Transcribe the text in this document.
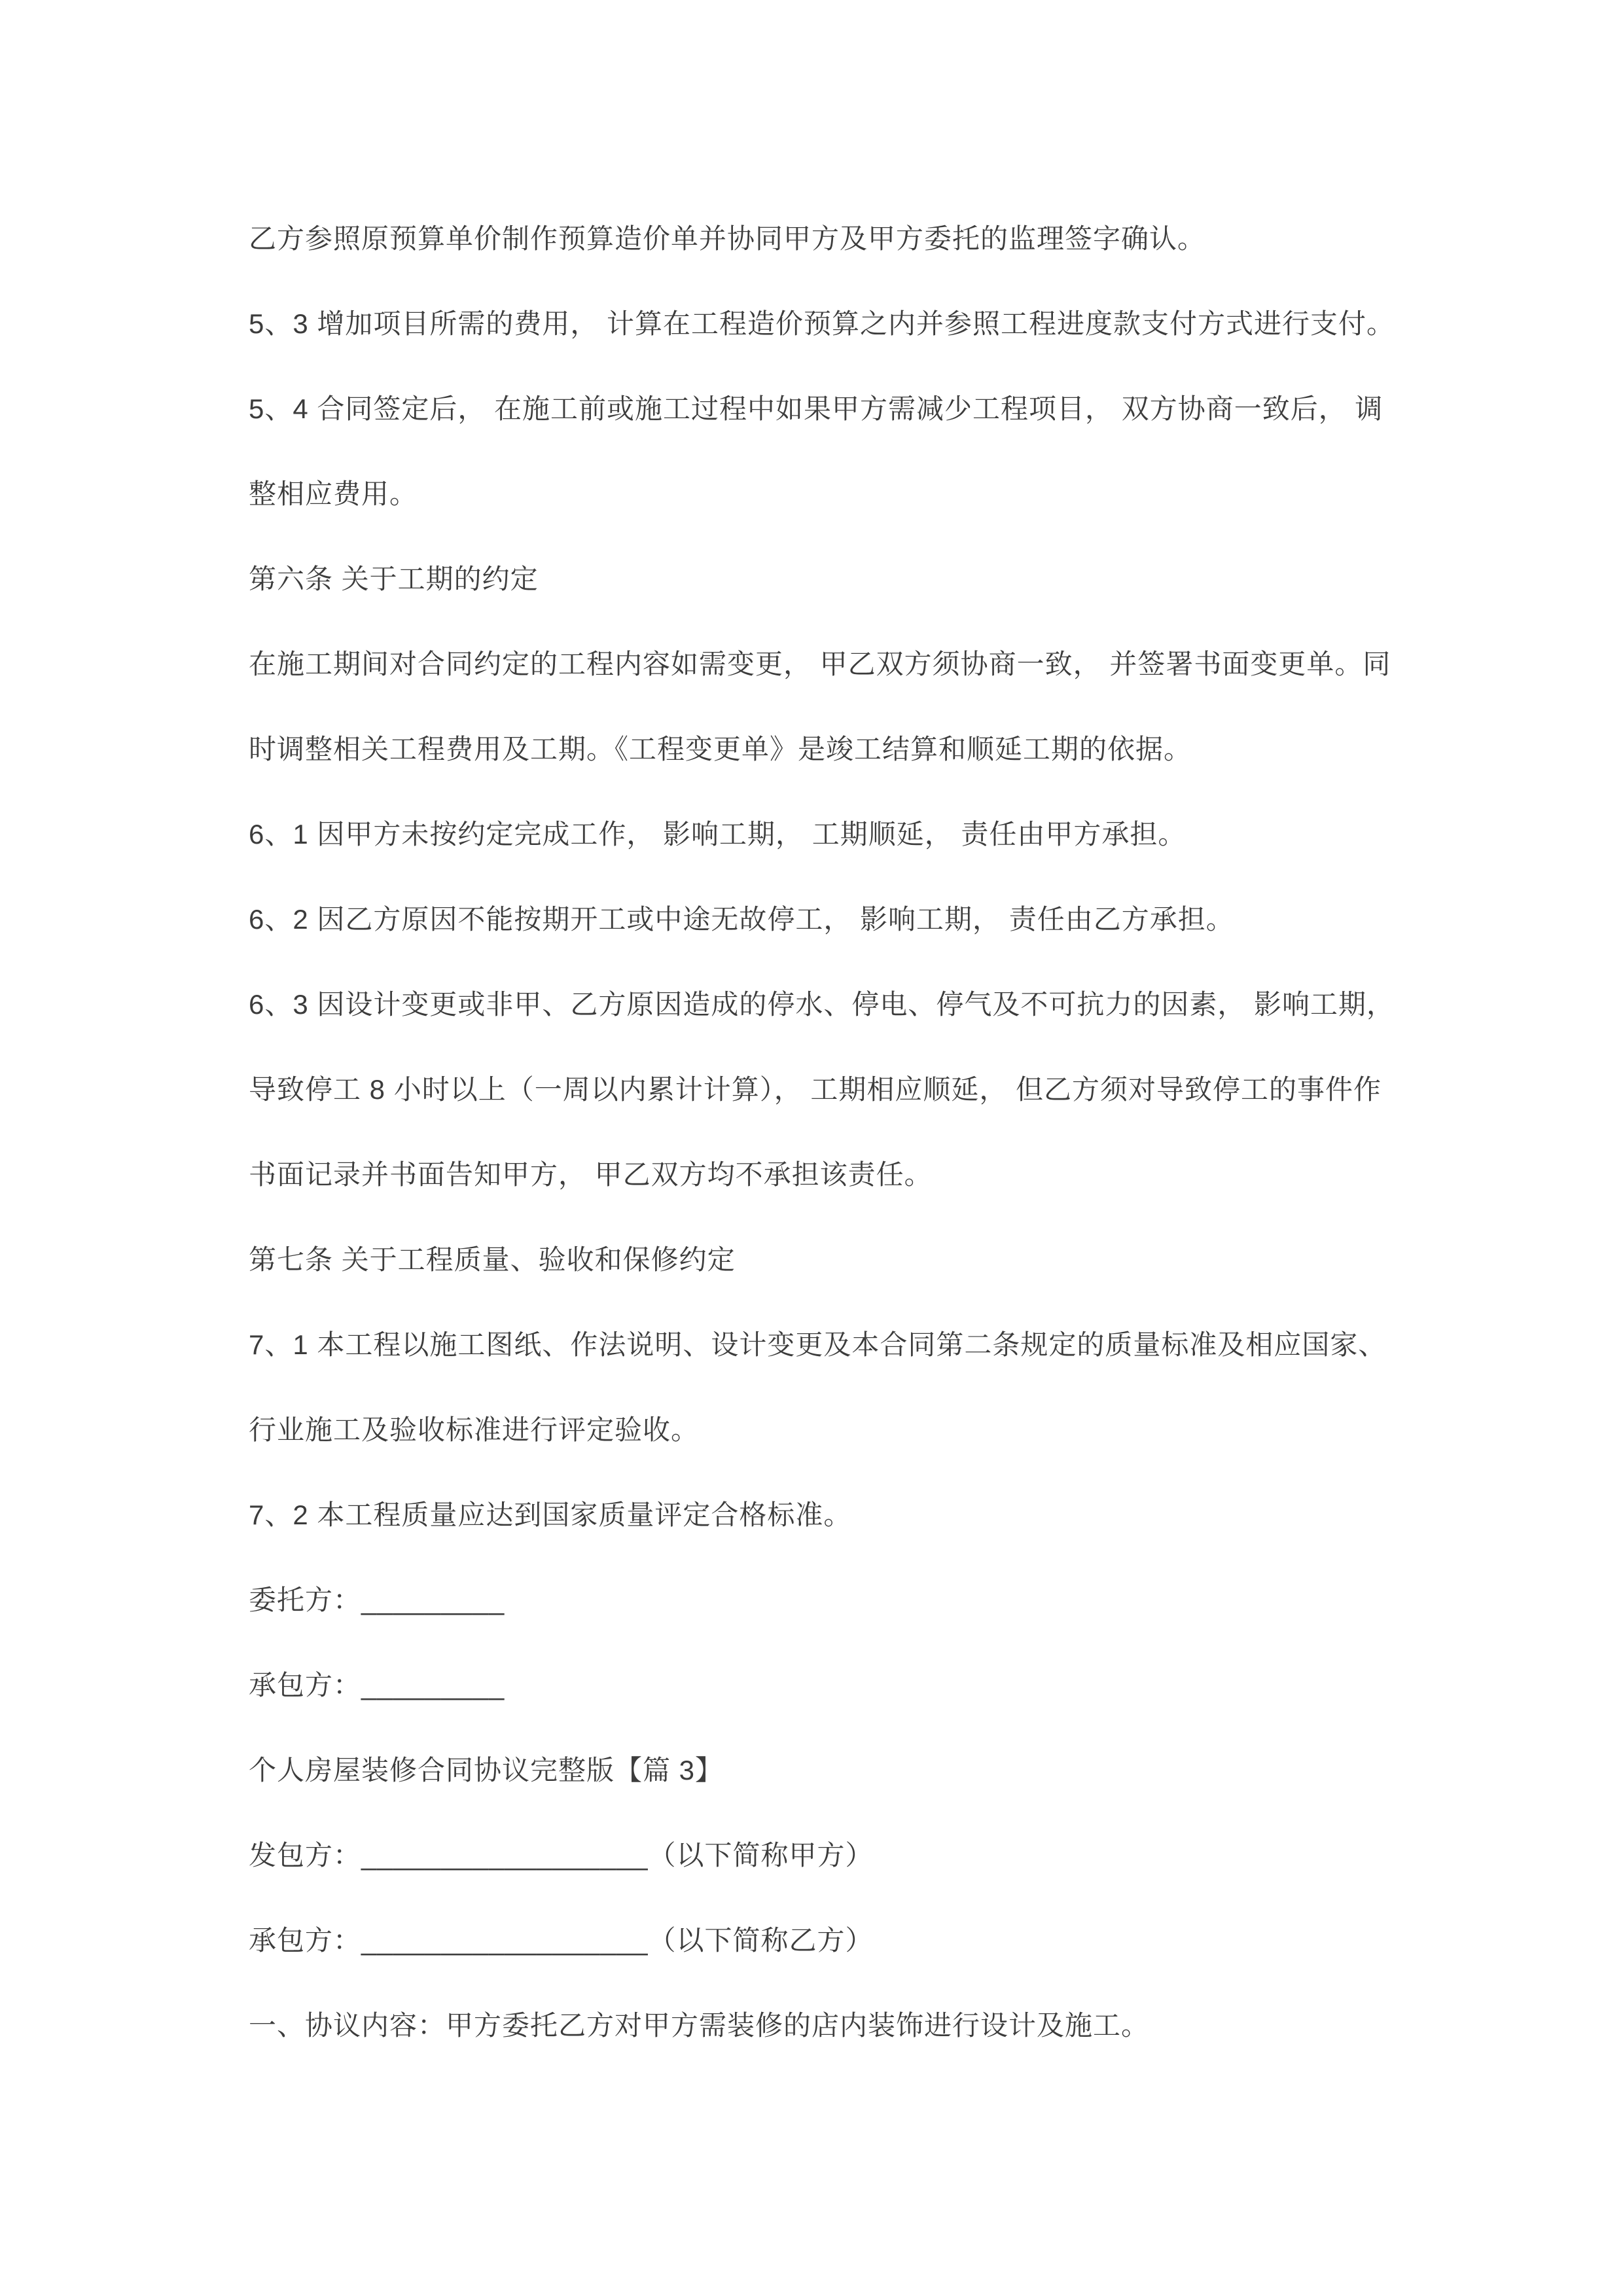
乙方参照原预算单价制作预算造价单并协同甲方及甲方委托的监理签字确认。
5、3 增加项目所需的费用， 计算在工程造价预算之内并参照工程进度款支付方式进行支付。
5、4 合同签定后， 在施工前或施工过程中如果甲方需减少工程项目， 双方协商一致后， 调
整相应费用。
第六条 关于工期的约定
在施工期间对合同约定的工程内容如需变更， 甲乙双方须协商一致， 并签署书面变更单。同
时调整相关工程费用及工期。《工程变更单》是竣工结算和顺延工期的依据。
6、1 因甲方未按约定完成工作， 影响工期， 工期顺延， 责任由甲方承担。
6、2 因乙方原因不能按期开工或中途无故停工， 影响工期， 责任由乙方承担。
6、3 因设计变更或非甲、乙方原因造成的停水、停电、停气及不可抗力的因素， 影响工期，
导致停工 8 小时以上（一周以内累计计算）， 工期相应顺延， 但乙方须对导致停工的事件作
书面记录并书面告知甲方， 甲乙双方均不承担该责任。
第七条 关于工程质量、验收和保修约定
7、1 本工程以施工图纸、作法说明、设计变更及本合同第二条规定的质量标准及相应国家、
行业施工及验收标准进行评定验收。
7、2 本工程质量应达到国家质量评定合格标准。
委托方：_________
承包方：_________
个人房屋装修合同协议完整版【篇 3】
发包方：__________________（以下简称甲方）
承包方：__________________（以下简称乙方）
一、协议内容：甲方委托乙方对甲方需装修的店内装饰进行设计及施工。
